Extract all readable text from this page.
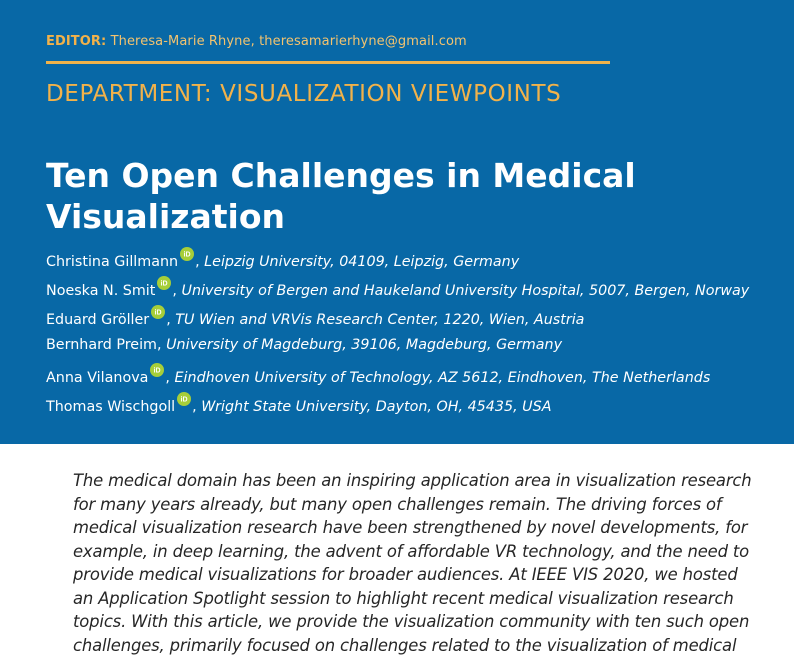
EDITOR: Theresa-Marie Rhyne, theresamarierhyne@gmail.com
DEPARTMENT: VISUALIZATION VIEWPOINTS
Ten Open Challenges in Medical
Visualization
Christina Gillmann iD , Leipzig University, 04109, Leipzig, Germany
Noeska N. Smit iD , University of Bergen and Haukeland University Hospital, 5007, Bergen, Norway
Eduard Gröller iD , TU Wien and VRVis Research Center, 1220, Wien, Austria
Bernhard Preim, University of Magdeburg, 39106, Magdeburg, Germany
Anna Vilanova iD , Eindhoven University of Technology, AZ 5612, Eindhoven, The Netherlands
Thomas Wischgoll iD , Wright State University, Dayton, OH, 45435, USA
The medical domain has been an inspiring application area in visualization research
for many years already, but many open challenges remain. The driving forces of
medical visualization research have been strengthened by novel developments, for
example, in deep learning, the advent of affordable VR technology, and the need to
provide medical visualizations for broader audiences. At IEEE VIS 2020, we hosted
an Application Spotlight session to highlight recent medical visualization research
topics. With this article, we provide the visualization community with ten such open
challenges, primarily focused on challenges related to the visualization of medical
